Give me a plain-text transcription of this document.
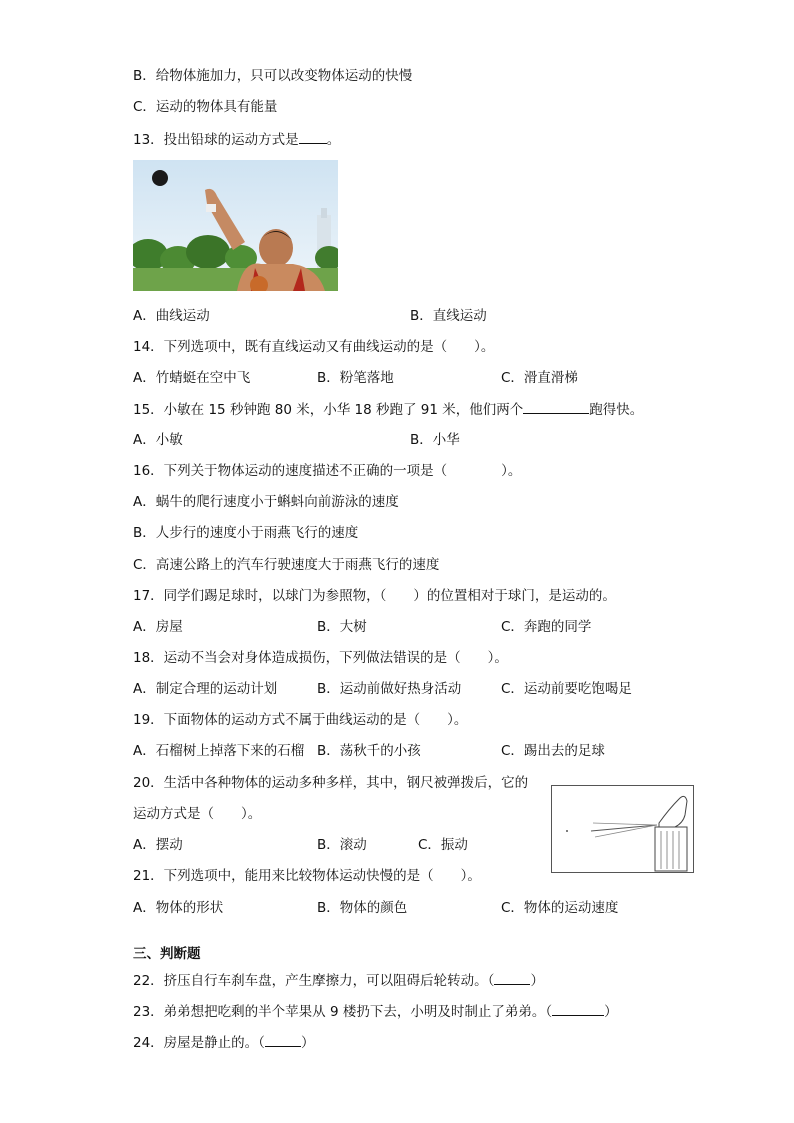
B．给物体施加力，只可以改变物体运动的快慢
C．运动的物体具有能量
13．投出铅球的运动方式是 。
A．曲线运动	B．直线运动
14．下列选项中，既有直线运动又有曲线运动的是（　　）。
A．竹蜻蜓在空中飞	B．粉笔落地	C．滑直滑梯
15．小敏在 15 秒钟跑 80 米，小华 18 秒跑了 91 米，他们两个	跑得快。
A．小敏	B．小华
16．下列关于物体运动的速度描述不正确的一项是（　　　　）。
A．蜗牛的爬行速度小于蝌蚪向前游泳的速度
B．人步行的速度小于雨燕飞行的速度
C．高速公路上的汽车行驶速度大于雨燕飞行的速度
17．同学们踢足球时，以球门为参照物，（　　）的位置相对于球门，是运动的。
A．房屋	B．大树	C．奔跑的同学
18．运动不当会对身体造成损伤，下列做法错误的是（　　）。
A．制定合理的运动计划	B．运动前做好热身活动	C．运动前要吃饱喝足
19．下面物体的运动方式不属于曲线运动的是（　　）。
A．石榴树上掉落下来的石榴 B．荡秋千的小孩	C．踢出去的足球
20．生活中各种物体的运动多种多样，其中，钢尺被弹拨后，它的
运动方式是（　　）。
A．摆动	B．滚动	C．振动
21．下列选项中，能用来比较物体运动快慢的是（　　）。
A．物体的形状	B．物体的颜色	C．物体的运动速度
三、判断题
22．挤压自行车刹车盘，产生摩擦力，可以阻碍后轮转动。（	）
23．弟弟想把吃剩的半个苹果从 9 楼扔下去，小明及时制止了弟弟。（	）
24．房屋是静止的。（	）
